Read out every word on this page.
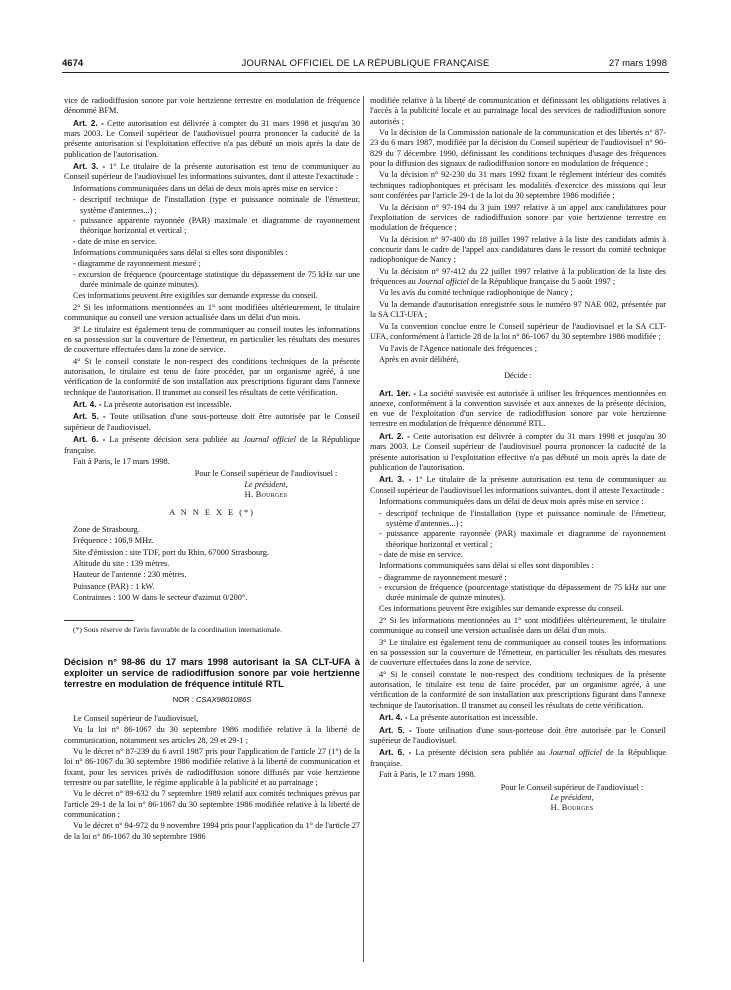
4674	JOURNAL OFFICIEL DE LA RÉPUBLIQUE FRANÇAISE	27 mars 1998

vice de radiodiffusion sonore par voie hertzienne terrestre en modulation de fréquence dénommé BFM.

Art. 2. - Cette autorisation est délivrée à compter du 31 mars 1998 et jusqu'au 30 mars 2003. Le Conseil supérieur de l'audiovisuel pourra prononcer la caducité de la présente autorisation si l'exploitation effective n'a pas débuté un mois après la date de publication de l'autorisation.

Art. 3. - 1° Le titulaire de la présente autorisation est tenu de communiquer au Conseil supérieur de l'audiovisuel les informations suivantes, dont il atteste l'exactitude :

Informations communiquées dans un délai de deux mois après mise en service :

- descriptif technique de l'installation (type et puissance nominale de l'émetteur, système d'antennes...) ;
- puissance apparente rayonnée (PAR) maximale et diagramme de rayonnement théorique horizontal et vertical ;
- date de mise en service.

Informations communiquées sans délai si elles sont disponibles :

- diagramme de rayonnement mesuré ;
- excursion de fréquence (pourcentage statistique du dépassement de 75 kHz sur une durée minimale de quinze minutes).

Ces informations peuvent être exigibles sur demande expresse du conseil.

2° Si les informations mentionnées au 1° sont modifiées ultérieurement, le titulaire communique au conseil une version actualisée dans un délai d'un mois.

3° Le titulaire est également tenu de communiquer au conseil toutes les informations en sa possession sur la couverture de l'émetteur, en particulier les résultats des mesures de couverture effectuées dans la zone de service.

4° Si le conseil constate le non-respect des conditions techniques de la présente autorisation, le titulaire est tenu de faire procéder, par un organisme agréé, à une vérification de la conformité de son installation aux prescriptions figurant dans l'annexe technique de l'autorisation. Il transmet au conseil les résultats de cette vérification.

Art. 4. - La présente autorisation est incessible.

Art. 5. - Toute utilisation d'une sous-porteuse doit être autorisée par le Conseil supérieur de l'audiovisuel.

Art. 6. - La présente décision sera publiée au Journal officiel de la République française.

Fait à Paris, le 17 mars 1998.

Pour le Conseil supérieur de l'audiovisuel :
Le président,
H. Bourges
A N N E X E (*)

Zone de Strasbourg.

Fréquence : 106,9 MHz.

Site d'émission : site TDF, port du Rhin, 67000 Strasbourg.

Altitude du site : 139 mètres.

Hauteur de l'antenne : 230 mètres.

Puissance (PAR) : 1 kW.

Contraintes : 100 W dans le secteur d'azimut 0/200°.

(*) Sous réserve de l'avis favorable de la coordination internationale.

Décision n° 98-86 du 17 mars 1998 autorisant la SA CLT-UFA à exploiter un service de radiodiffusion sonore par voie hertzienne terrestre en modulation de fréquence intitulé RTL

NOR : CSAX9801086S

Le Conseil supérieur de l'audiovisuel,

Vu la loi n° 86-1067 du 30 septembre 1986 modifiée relative à la liberté de communication, notamment ses articles 28, 29 et 29-1 ;

Vu le décret n° 87-239 du 6 avril 1987 pris pour l'application de l'article 27 (1°) de la loi n° 86-1067 du 30 septembre 1986 modifiée relative à la liberté de communication et fixant, pour les services privés de radiodiffusion sonore diffusés par voie hertzienne terrestre ou par satellite, le régime applicable à la publicité et au parrainage ;

Vu le décret n° 89-632 du 7 septembre 1989 relatif aux comités techniques prévus par l'article 29-1 de la loi n° 86-1067 du 30 septembre 1986 modifiée relative à la liberté de communication ;

Vu le décret n° 94-972 du 9 novembre 1994 pris pour l'application du 1° de l'article 27 de la loi n° 86-1067 du 30 septembre 1986

modifiée relative à la liberté de communication et définissant les obligations relatives à l'accès à la publicité locale et au parrainage local des services de radiodiffusion sonore autorisés ;

Vu la décision de la Commission nationale de la communication et des libertés n° 87-23 du 6 mars 1987, modifiée par la décision du Conseil supérieur de l'audiovisuel n° 90-829 du 7 décembre 1990, définissant les conditions techniques d'usage des fréquences pour la diffusion des signaux de radiodiffusion sonore en modulation de fréquence ;

Vu la décision n° 92-230 du 31 mars 1992 fixant le règlement intérieur des comités techniques radiophoniques et précisant les modalités d'exercice des missions qui leur sont conférées par l'article 29-1 de la loi du 30 septembre 1986 modifiée ;

Vu la décision n° 97-194 du 3 juin 1997 relative à un appel aux candidatures pour l'exploitation de services de radiodiffusion sonore par voie hertzienne terrestre en modulation de fréquence ;

Vu la décision n° 97-400 du 18 juillet 1997 relative à la liste des candidats admis à concourir dans le cadre de l'appel aux candidatures dans le ressort du comité technique radiophonique de Nancy ;

Vu la décision n° 97-412 du 22 juillet 1997 relative à la publication de la liste des fréquences au Journal officiel de la République française du 5 août 1997 ;

Vu les avis du comité technique radiophonique de Nancy ;

Vu la demande d'autorisation enregistrée sous le numéro 97 NAE 002, présentée par la SA CLT-UFA ;

Vu la convention conclue entre le Conseil supérieur de l'audiovisuel et la SA CLT-UFA, conformément à l'article 28 de la loi n° 86-1067 du 30 septembre 1986 modifiée ;

Vu l'avis de l'Agence nationale des fréquences ;

Après en avoir délibéré,

Décide :

Art. 1er. - La société susvisée est autorisée à utiliser les fréquences mentionnées en annexe, conformément à la convention susvisée et aux annexes de la présente décision, en vue de l'exploitation d'un service de radiodiffusion sonore par voie hertzienne terrestre en modulation de fréquence dénommé RTL.

Art. 2. - Cette autorisation est délivrée à compter du 31 mars 1998 et jusqu'au 30 mars 2003. Le Conseil supérieur de l'audiovisuel pourra prononcer la caducité de la présente autorisation si l'exploitation effective n'a pas débuté un mois après la date de publication de l'autorisation.

Art. 3. - 1° Le titulaire de la présente autorisation est tenu de communiquer au Conseil supérieur de l'audiovisuel les informations suivantes, dont il atteste l'exactitude :

Informations communiquées dans un délai de deux mois après mise en service :

- descriptif technique de l'installation (type et puissance nominale de l'émetteur, système d'antennes...) ;
- puissance apparente rayonnée (PAR) maximale et diagramme de rayonnement théorique horizontal et vertical ;
- date de mise en service.

Informations communiquées sans délai si elles sont disponibles :

- diagramme de rayonnement mesuré ;
- excursion de fréquence (pourcentage statistique du dépassement de 75 kHz sur une durée minimale de quinze minutes).

Ces informations peuvent être exigibles sur demande expresse du conseil.

2° Si les informations mentionnées au 1° sont modifiées ultérieurement, le titulaire communique au conseil une version actualisée dans un délai d'un mois.

3° Le titulaire est également tenu de communiquer au conseil toutes les informations en sa possession sur la couverture de l'émetteur, en particulier les résultats des mesures de couverture effectuées dans la zone de service.

4° Si le conseil constate le non-respect des conditions techniques de la présente autorisation, le titulaire est tenu de faire procéder, par un organisme agréé, à une vérification de la conformité de son installation aux prescriptions figurant dans l'annexe technique de l'autorisation. Il transmet au conseil les résultats de cette vérification.

Art. 4. - La présente autorisation est incessible.

Art. 5. - Toute utilisation d'une sous-porteuse doit être autorisée par le Conseil supérieur de l'audiovisuel.

Art. 6. - La présente décision sera publiée au Journal officiel de la République française.

Fait à Paris, le 17 mars 1998.

Pour le Conseil supérieur de l'audiovisuel :
Le président,
H. Bourges
